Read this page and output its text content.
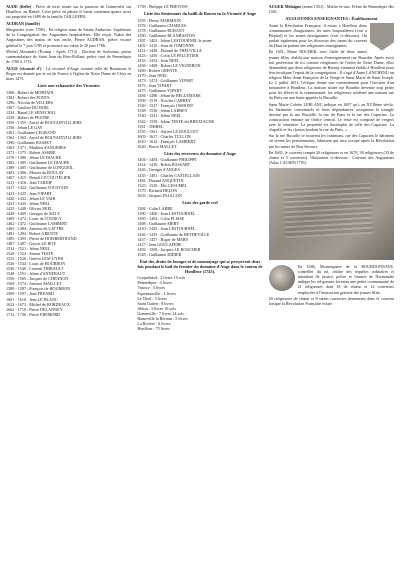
AUDE (fiefle) : Pièce de terre située sur la paroisse de Gonneville sur Honfleur, au Hamel. Cette pièce en pâture et biens contenant quatre acres est propriété en 1689 de la famille l'AILLEFER.

AUDRAN (famille)

Marguerite (vers 1786) : En religion sœur de Sainte Ambroise. Supérieure de la Congrégation des Augustines hospitalières. Elle reçoit l'habit des Augustines des mains de son oncle, Pierre AUDRAN, prêtre vicaire général le 7 juin 1785 et prononce ses vœux le 20 juin 1786.

Michel Alexandre (Écamp - Après 1713) : Docteur de Sorbonne, prieur commendataire de Saint Jean du Bois-Rollant, prêtre curé de Pennedepie de 1700 à 1713.

AUGE (vicomté d') : La vicomté d'Auge comme celle de Beaumont le Roger est donnée par le roi de France à l'église de Notre Dame de Cléry en mars 1473.

Liste non exhaustive des Vicomtes
1366 : Robert de MORTAIN
1382 : Robert des PONTS
1296 : Nicolas de VILLERS
1307 : Gaultier DU BOIS
1334 : Raoul LE SENECHAL
1339 : Robert de PESTRE
1350 - 1355 : Ancel de BOUTAINVILLIERS
1356 : Jehan LE GAY
1361 : Guillaume LEGRAND
1362 - 1365 : Ancel de BOUTAINVILLIERS
1396 : Guillaume BASSET
1363 - 1371 : Mathieu d'ANGERES
1372 - 1375 : Robert ASSIRE
1376 - 1380 : Jehan LE DIACRE
1382 - 1385 : Guillaume LE DIACRE
1389 - 1405 : Guillaume de LONGUEIL
1403 - 1406 : Masset du BOULAY
1407 - 1415 : Benoît LE COUTELIER
1413 - 1416 : Jean TARDIF
1417 - 1424 : Guillaume TOUSTAIN
1423 - 1425 : Jean VIPART
1426 - 1432 : Jehan LE VAIR
1433 - 1435 : Jehan NEEL
1435 - 1448 : Olivier NEEL
1449 - 1469 : Georges de SILLY
1469 - 1472 : Louis de COURCY
1462 - 1472 : Guillaume LAMBERT
1465 - 1484 : Antoine de LATTRE
1481 - 1494 : Robert GRENTE
1485 - 1495 : Pierre de BOISBERTRAND
1487 - 1497 : Guyon LE ROY
1514 - 1521 : Jehan NEEL
1520 - 1524 : Simon TESTE
1525 - 1526 : Guérin LESCUYER
1526 - 1534 : Louis de HOURBON
1530 - 1540 : Laurent THIBAULT
1548 - 1551 : Jehan d'ANNEBAUT
1556 - 1565 : Jacques de CHENNON
1569 - 1574 : Antoine MAILLET
1580 - 1587 : François de HOURBON
1589 - 1597 : Jean FREARD
1601 - 1610 : Jean LE BLANC
1622 - 1673 : Michel de BORDEAUX
1662 - 1710 : Pierre DELANNEY
1712 - 1736 : Pierre FREMORD

1739 : Philippe LE PREVOST

Liste des lieutenants du bailli de Rouen en la Vicomté d'Auge
1355 : Henry MARMION
1376 : Guillaume CHARLES
1378 : Guillaume BURANT
1390 : Guillaume BLANBASTON
1397 - 1402 : Jehan LESTOURNEL le jeune
1402 - 1410 : Jean de l'OMONNE
1412 - 1448 : Durand de THEUVILLE
1423 - 1450 : Colin LE PELLETIER
1453 - 1454 : Jean NEEL
1456 - 1468 : Robert LE VIGNERON
1469 : Robert GRENTE
1470 : Jean NEEL
1473 - 1474 : Guillaume VIPART
1475 : Jean VIPART
1475 : Guillaume VIPART
1484 - 1496 : Jehan de BELLEMARE
1509 - 1519 : Nicolas CARREY
1520 - 1527 : François OSMONT
1538 - 1536 : Jehan LABBEY
1540 - 1541 : Jehan NEEL
1542 - 1558 : Jehan TESTE dit BREATAGNE
1561 : THIBEL
1555 - 1561 : Adrien LE DOULCET
1603 - 1617 : Charles TULLON
1610 - 1612 : François LAMBERT
1620 : Pierre MALLET
Liste des receveurs du domaine d'Auge
1404 - 1404 : Guillaume PHILIPPE
1414 - 1416 : Robin BASSART
1426 : Georget d'ANGES
1435 - 1481 : Charles CASTELLAIN
1482 : Durand ANQUETIN
1525 - 1530 : Élie LESUMEL
1579 : Richard HELON
1633 : Jacques PAULCON
Liste des garde scel
1384 : Colin LABBE
1390 - 1400 : Jean LESTOURNEL
1395 - 1404 : Colin PLISSE
1408 : Guillaume MERY
1410 - 1425 : Jean LESTOURNEL
1426 - 1435 : Guillaume de BETHEVILLE
1437 - 1457 : Roger de MERY
1427 : Jean GOULAFFRE
1493 - 1509 : Jacques LE BOUCHER
1528 : Guillaume DIDIER
État des droits de fouages et de monnayage qui se perçoivent deux fois pendant le bail du fermier du domaine d'Auge dans le canton de Honfleur (1745).
Criquebœuf : 2 livres 10 sols
Pennedepie : 4 livres
Vasouy : 3 livres
Equemauville : 4 livres
Le Theil : 3 livres
Saint Gatien : 8 livres
Ablon : 3 livres 10 sols
Gonneville : 7 livres 14 sols
Barneville la Bertran : 5 livres
La Rivière : 6 livres
Honfleur : 75 livres

AUGER Mélaigne (avant 1551) : Maître ès-arts. Prêtre de Pennedepie dès 1501.

AUGUSTINES ENSEIGNANTES : Établissement

Avant la Révolution Française, il existe à Honfleur deux communautés d'augustines, les unes hospitalières (voir à Hôpital) et les autres enseignantes (voir ci-dessous). On parlait également pour les dissocier des sœurs du couvent du Haut en parlant des religieuses enseignantes.

En 1651, Marie NOCHER, avec l'aide de deux autres jeunes filles, établit une maison d'enseignement rue Bourdin. Après avoir fait profession de foi comme religieuses de l'ordre de Notre Dame, elles demandent que deux religieuses de Bernay viennent établir à Honfleur pour leur inculquer l'esprit de la congrégation : Il s'agit d'Anne LANCHENU en religion Mère Anne Françoise de la Vierge et Sœur Marie de Saint Joseph. Le 2 juillet 1651, l'évêque donne son consentement pour l'érection d'un monastère à Honfleur. La maison située rue Bourdin devenue trop petite pour les élèves et la communauté, les religieuses achètent une maison rue du Puits sur une butte appelée la Bucaille.

Sœur Marie Colette LEBLANC indique en 1697 qu'« au XVIIème siècle, les bâtiments conventuels et leurs dépendances occupaient le triangle dessiné par la rue Bucaille, la rue du Puits et la rue des Capucins. La construction entoure un cloître central. Le reste est composé de vergers avec le cimetière. La propriété est limitrophe de celle des Capucins. La chapelle et les classes bordent la rue du Puits. »

Sur la rue Bucaille se trouvent les communs, rue des Capucins le bâtiment où vivent les pensionnaires, bâtiment qui sera occupé après la Révolution par les sœurs de Bon Secours.

En 1665, le couvent compte 26 religieuses et en 1670, 38 religieuses (33 de chœur et 5 converses). Illustration ci-dessous : Couvent des Augustines (Atlas CACHIN 1791)

En 1686, Monseigneur de la BOURDONNAYE, conseiller du roi, réalise des requêtes ordinaires et intendant de justice, police et finance de Normandie indique les religieuses forment une petite communauté de 21 religieuses dont 18 de chœur et 12 converses employées à l'instruction gratuite des jeunes filles.

20 religieuses de chœur et 8 sœurs converses demeurent dans le couvent lorsque la Révolution Française éclate.
